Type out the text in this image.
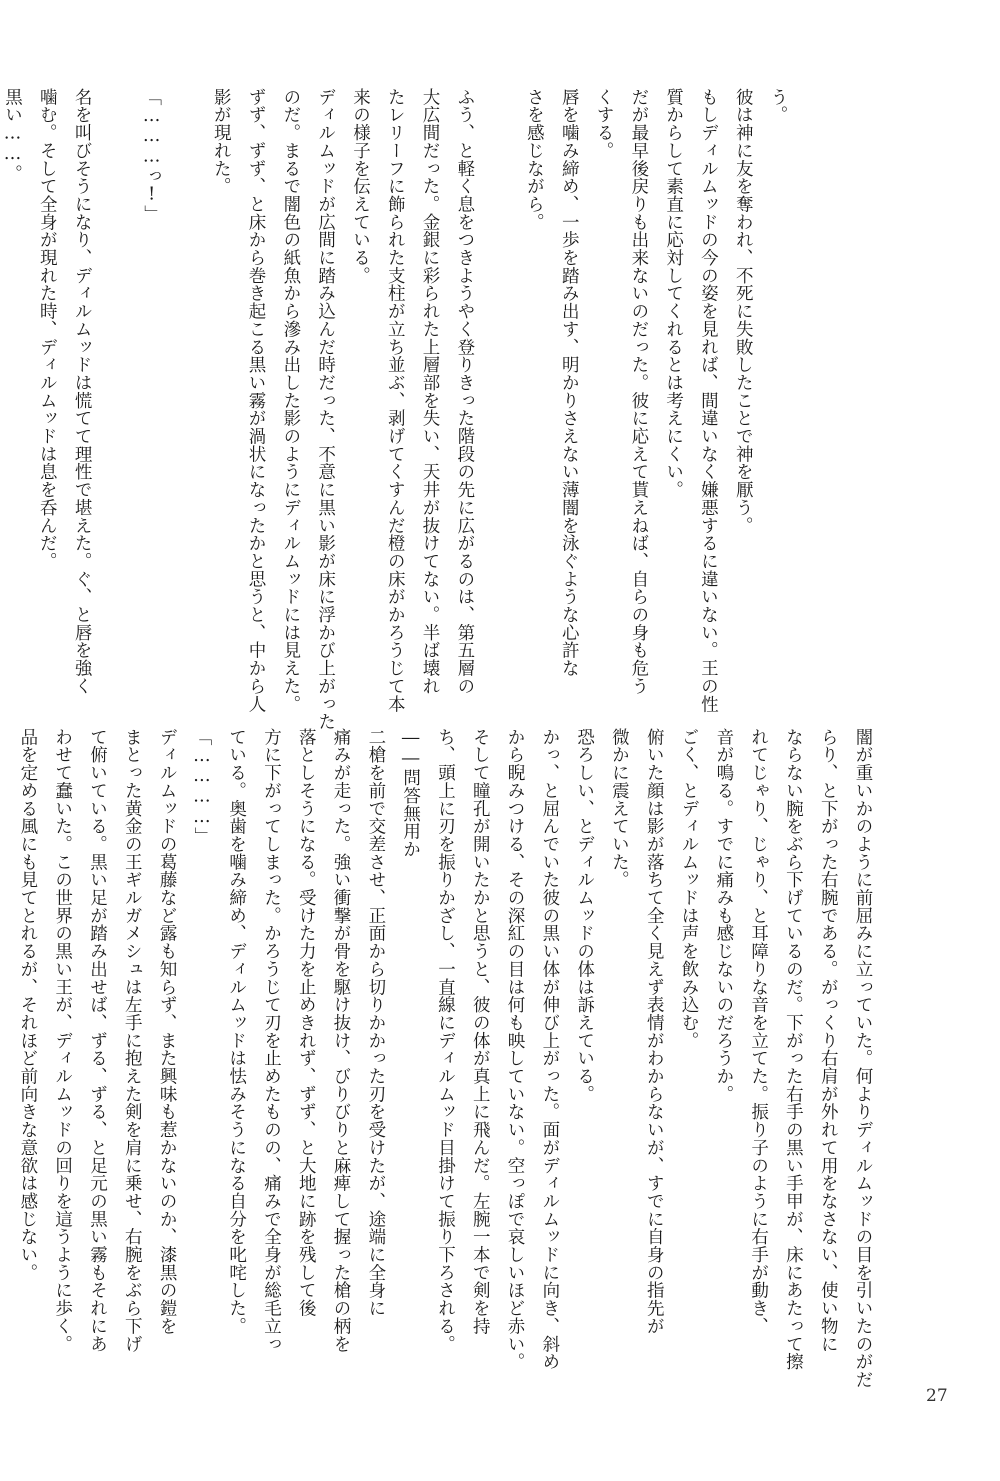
う。

彼は神に友を奪われ、不死に失敗したことで神を厭う。

もしディルムッドの今の姿を見れば、間違いなく嫌悪するに違いない。王の性

質からして素直に応対してくれるとは考えにくい。

だが最早後戻りも出来ないのだった。彼に応えて貰えねば、自らの身も危う

くする。

唇を噛み締め、一歩を踏み出す、明かりさえない薄闇を泳ぐような心許な

さを感じながら。

ふう、と軽く息をつきようやく登りきった階段の先に広がるのは、第五層の

大広間だった。金銀に彩られた上層部を失い、天井が抜けてない。半ば壊れ

たレリーフに飾られた支柱が立ち並ぶ、剥げてくすんだ橙の床がかろうじて本

来の様子を伝えている。

ディルムッドが広間に踏み込んだ時だった、不意に黒い影が床に浮かび上がった

のだ。まるで闇色の紙魚から滲み出した影のようにディルムッドには見えた。

ずず、ずず、と床から巻き起こる黒い霧が渦状になったかと思うと、中から人

影が現れた。

「………っ!」

名を叫びそうになり、ディルムッドは慌てて理性で堪えた。ぐ、と唇を強く

噛む。そして全身が現れた時、ディルムッドは息を呑んだ。

黒い……。

闇が重いかのように前屈みに立っていた。何よりディルムッドの目を引いたのがだ

らり、と下がった右腕である。がっくり右肩が外れて用をなさない、使い物に

ならない腕をぶら下げているのだ。下がった右手の黒い手甲が、床にあたって擦

れてじゃり、じゃり、と耳障りな音を立てた。振り子のように右手が動き、

音が鳴る。すでに痛みも感じないのだろうか。

ごく、とディルムッドは声を飲み込む。

俯いた顔は影が落ちて全く見えず表情がわからないが、すでに自身の指先が

微かに震えていた。

恐ろしい、とディルムッドの体は訴えている。

かっ、と屈んでいた彼の黒い体が伸び上がった。面がディルムッドに向き、斜め

から睨みつける、その深紅の目は何も映していない。空っぽで哀しいほど赤い。

そして瞳孔が開いたかと思うと、彼の体が真上に飛んだ。左腕一本で剣を持

ち、頭上に刃を振りかざし、一直線にディルムッド目掛けて振り下ろされる。

――問答無用か

二槍を前で交差させ、正面から切りかかった刃を受けたが、途端に全身に

痛みが走った。強い衝撃が骨を駆け抜け、びりびりと麻痺して握った槍の柄を

落としそうになる。受けた力を止めきれず、ずず、と大地に跡を残して後

方に下がってしまった。かろうじて刃を止めたものの、痛みで全身が総毛立っ

ている。奥歯を噛み締め、ディルムッドは怯みそうになる自分を叱咤した。

「…………」

ディルムッドの葛藤など露も知らず、また興味も惹かないのか、漆黒の鎧を

まとった黄金の王ギルガメシュは左手に抱えた剣を肩に乗せ、右腕をぶら下げ

て俯いている。黒い足が踏み出せば、ずる、ずる、と足元の黒い霧もそれにあ

わせて蠢いた。この世界の黒い王が、ディルムッドの回りを這うように歩く。

品を定める風にも見てとれるが、それほど前向きな意欲は感じない。

27
